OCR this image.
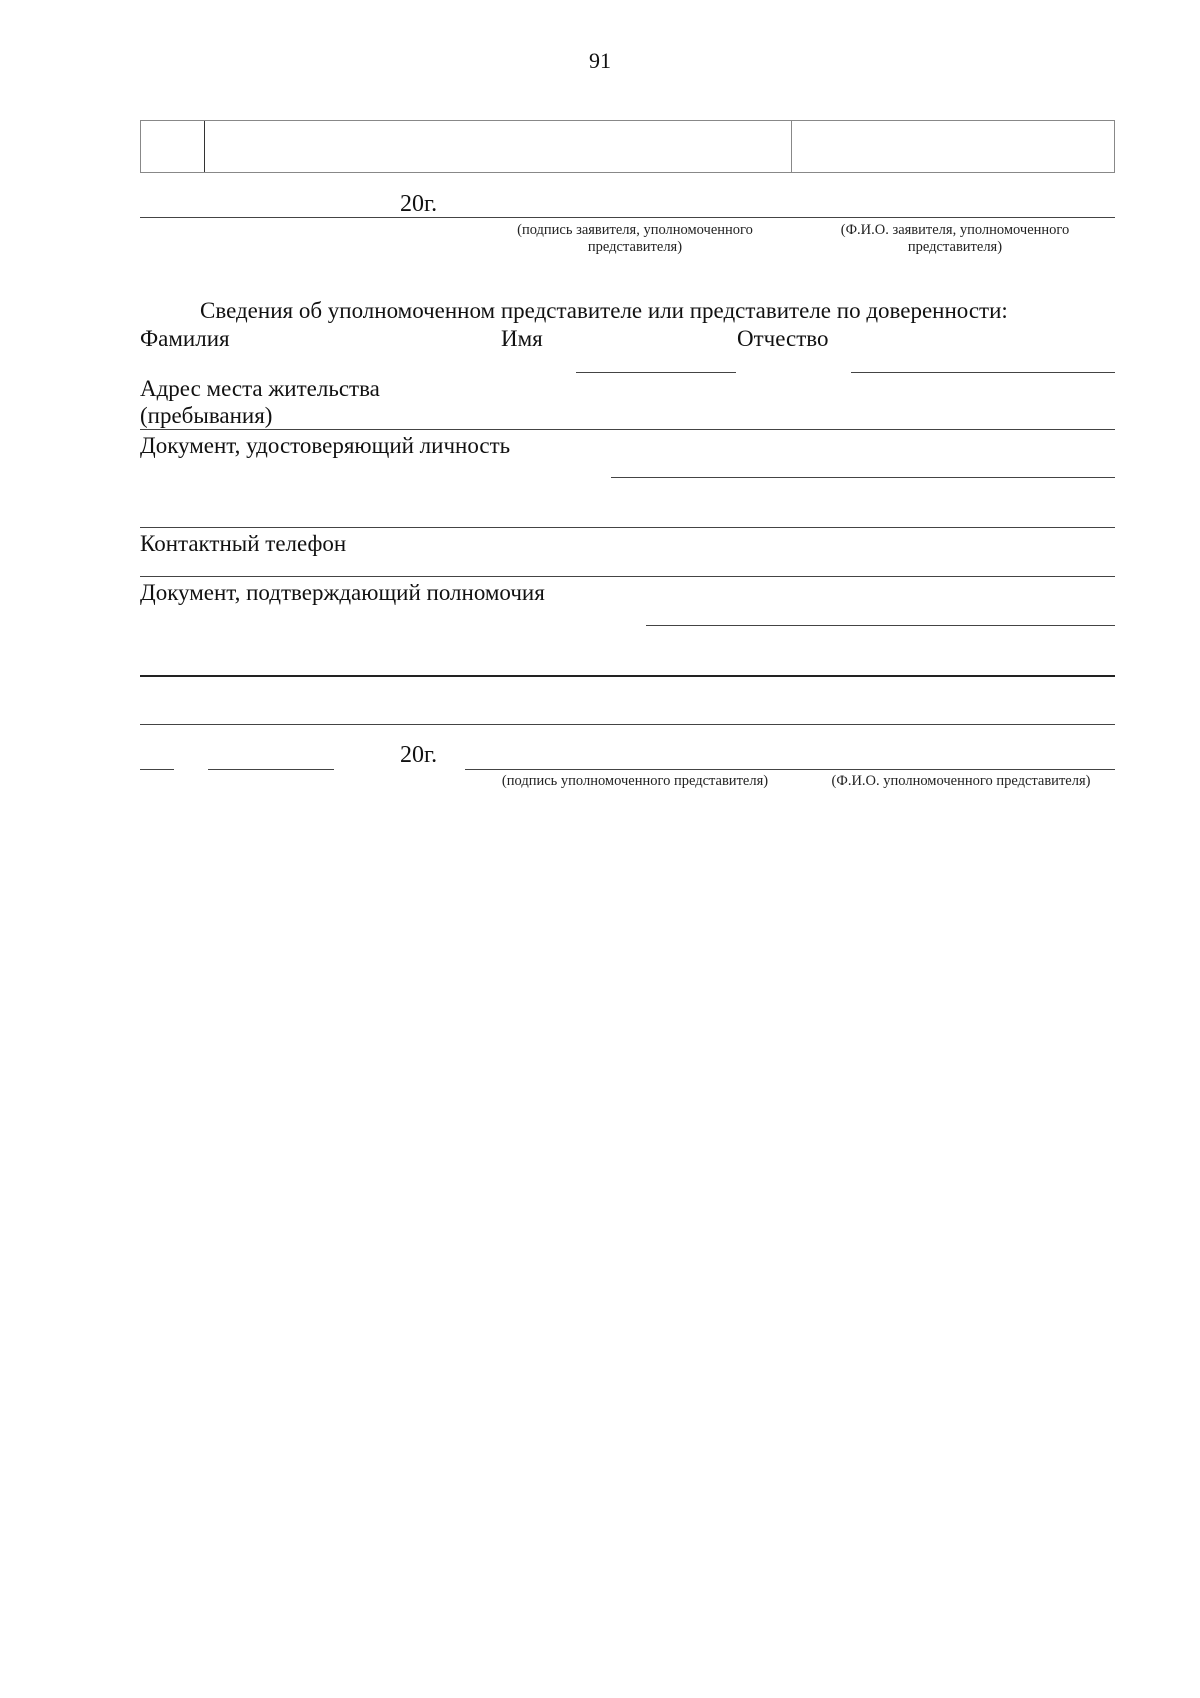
91
20г.
(подпись заявителя, уполномоченного представителя)
(Ф.И.О. заявителя, уполномоченного представителя)
Сведения об уполномоченном представителе или представителе по доверенности:
Фамилия	Имя	Отчество
Адрес места жительства
(пребывания)
Документ, удостоверяющий личность
Контактный телефон
Документ, подтверждающий полномочия
20г.
(подпись уполномоченного представителя)	(Ф.И.О. уполномоченного представителя)
